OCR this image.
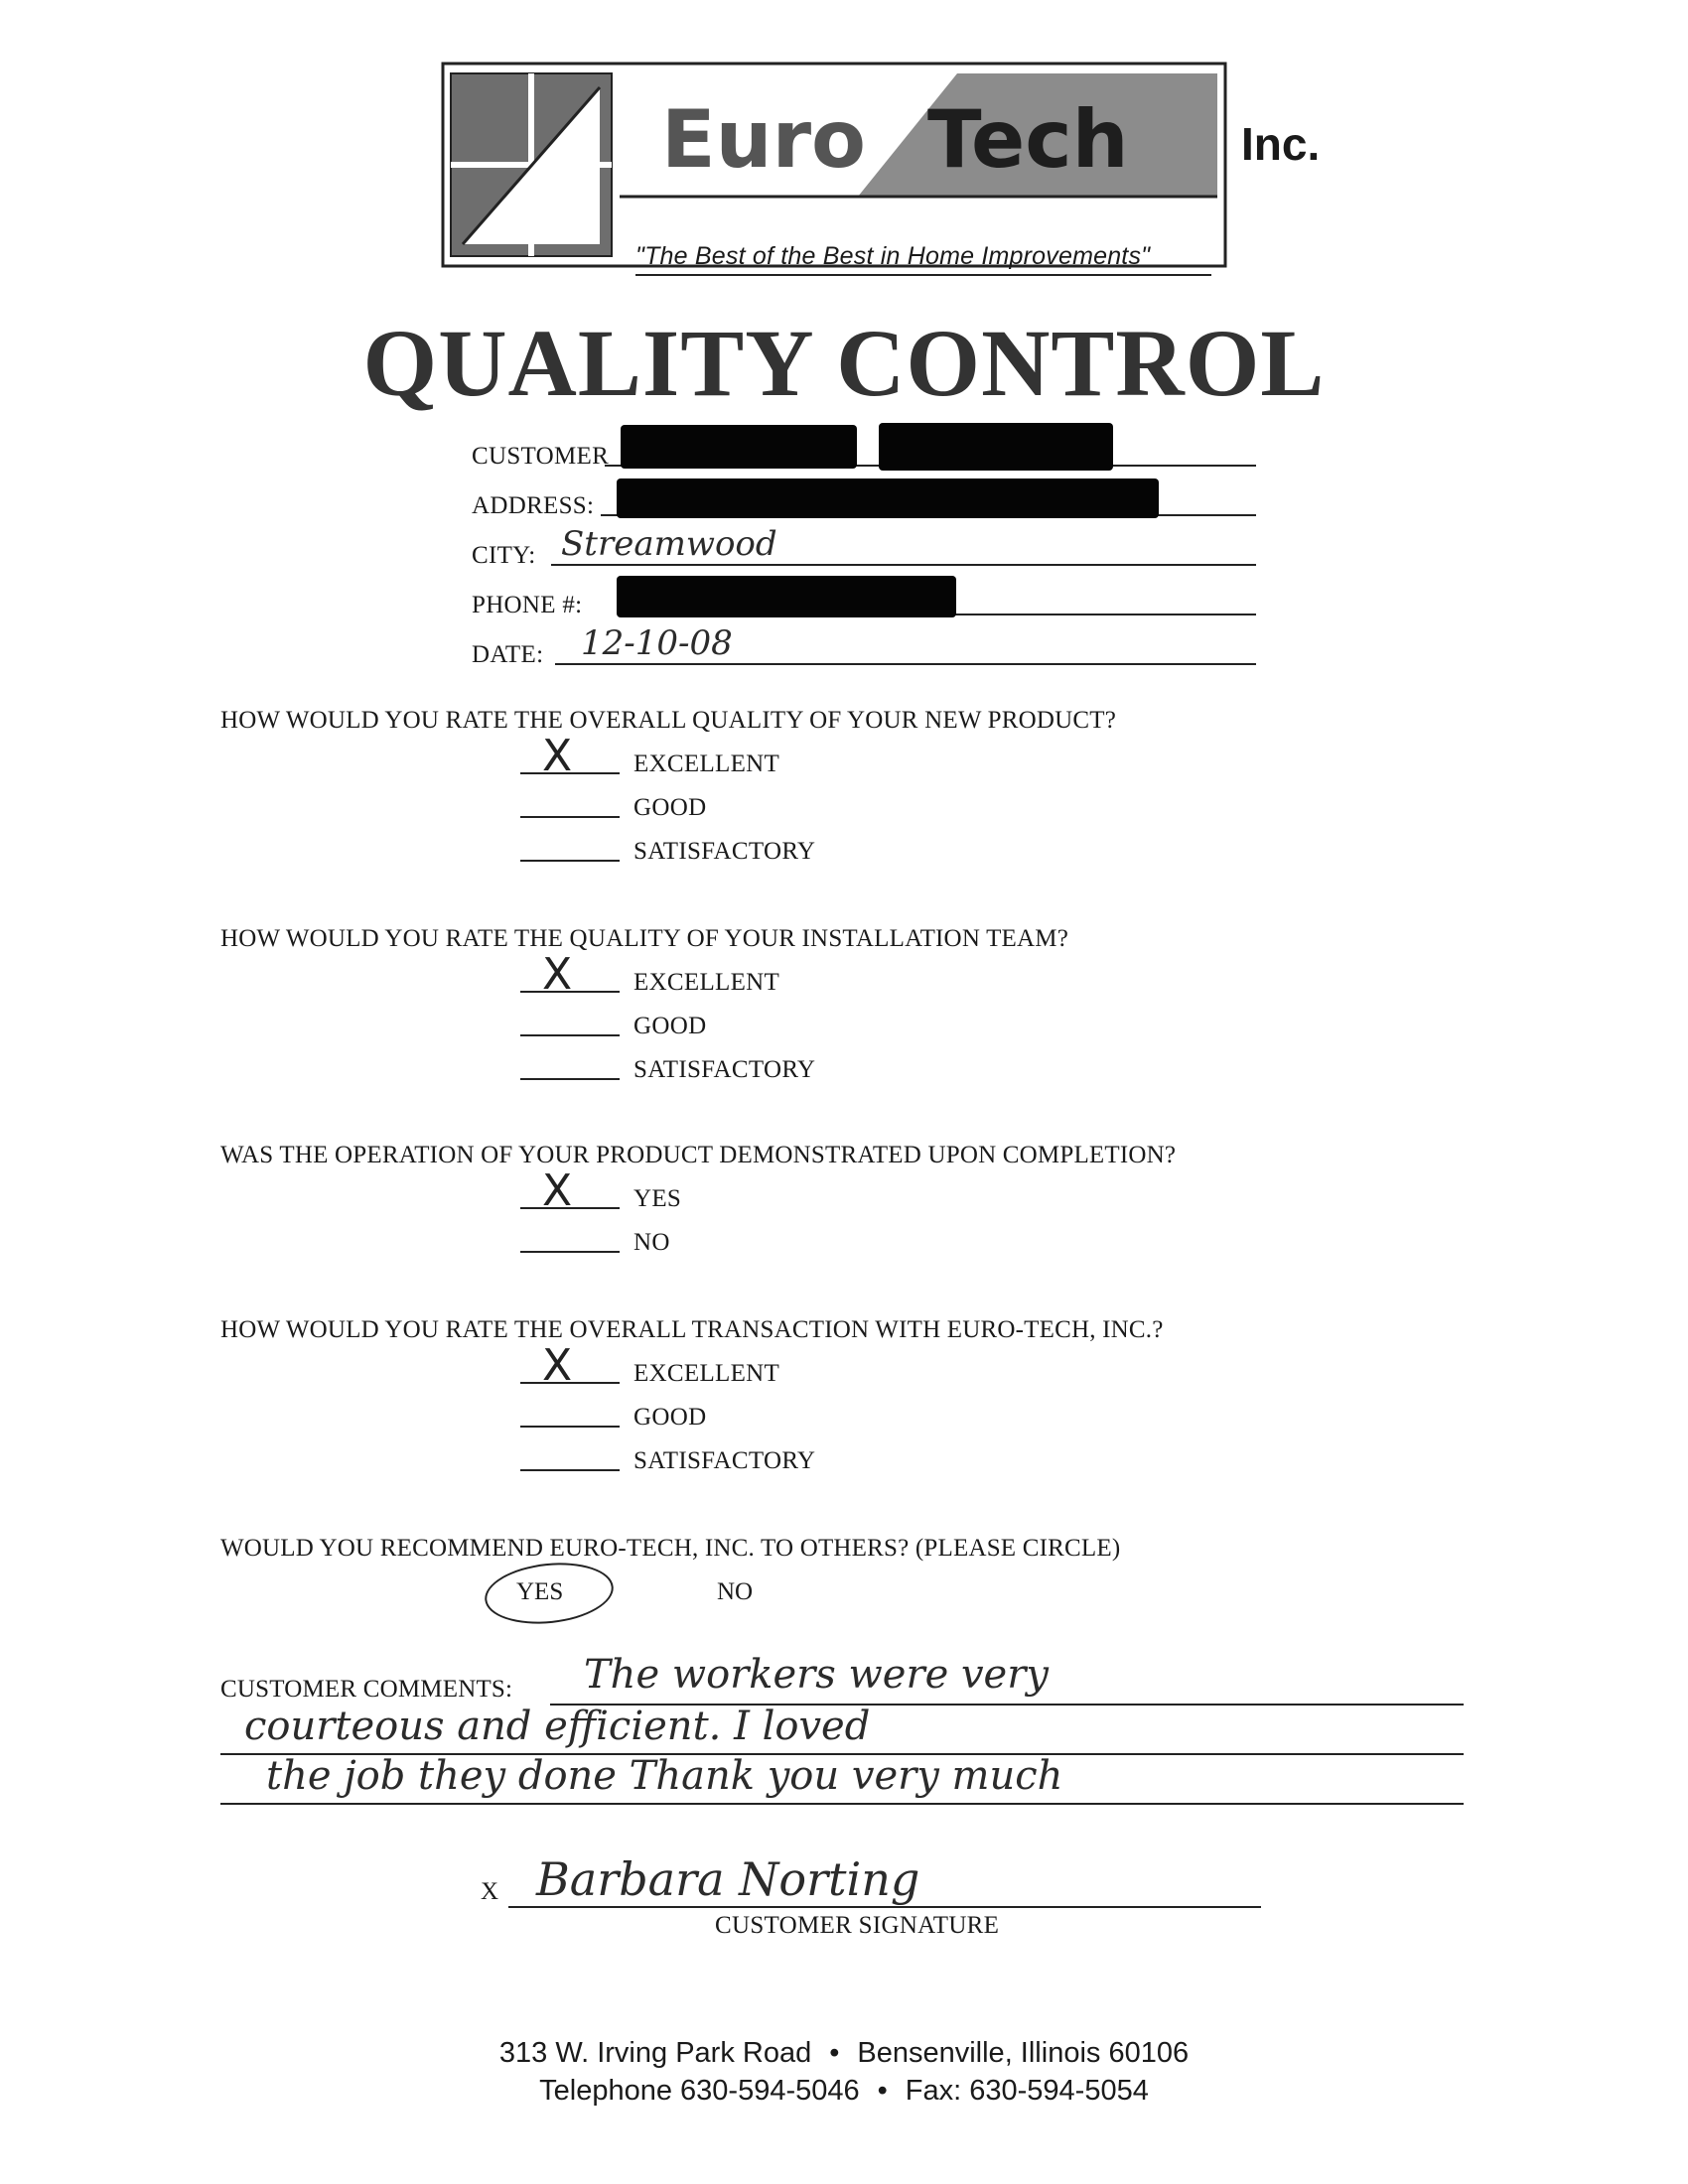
Euro Tech Inc.
"The Best of the Best in Home Improvements"
QUALITY CONTROL
CUSTOMER
ADDRESS:
CITY: Streamwood
PHONE #:
DATE: 12-10-08
HOW WOULD YOU RATE THE OVERALL QUALITY OF YOUR NEW PRODUCT?
X EXCELLENT
GOOD
SATISFACTORY
HOW WOULD YOU RATE THE QUALITY OF YOUR INSTALLATION TEAM?
X EXCELLENT
GOOD
SATISFACTORY
WAS THE OPERATION OF YOUR PRODUCT DEMONSTRATED UPON COMPLETION?
X YES
NO
HOW WOULD YOU RATE THE OVERALL TRANSACTION WITH EURO-TECH, INC.?
X EXCELLENT
GOOD
SATISFACTORY
WOULD YOU RECOMMEND EURO-TECH, INC. TO OTHERS? (PLEASE CIRCLE)
YES	NO
CUSTOMER COMMENTS: The workers were very
courteous and efficient. I loved
the job they done Thank you very much
X Barbara Norting
CUSTOMER SIGNATURE
313 W. Irving Park Road • Bensenville, Illinois 60106
Telephone 630-594-5046 • Fax: 630-594-5054
